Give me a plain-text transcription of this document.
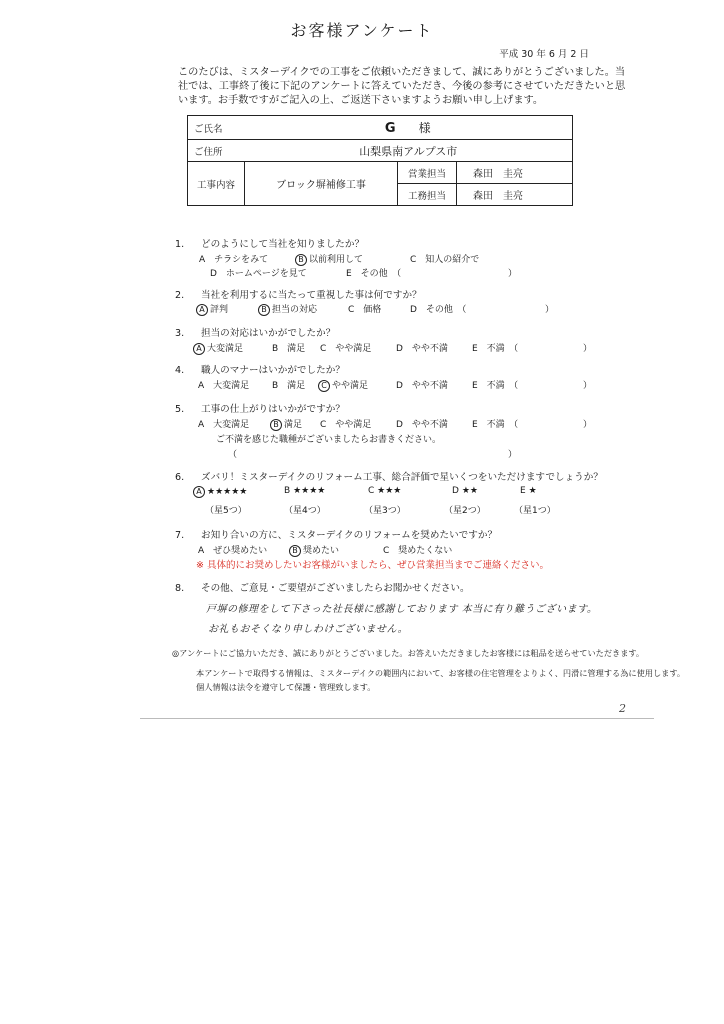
お客様アンケート
平成 30 年 6 月 2 日
このたびは、ミスターデイクでの工事をご依頼いただきまして、誠にありがとうございました。当社では、工事終了後に下記のアンケートに答えていただき、今後の参考にさせていただきたいと思います。お手数ですがご記入の上、ご返送下さいますようお願い申し上げます。
ご氏名	G 様		
ご住所	山梨県南アルプス市		
工事内容	ブロック塀補修工事	営業担当	森田　圭亮
		工務担当	森田　圭亮
1. どのようにして当社を知りましたか？
A　チラシをみて	B 以前利用して	C　知人の紹介で
D　ホームページを見て	E　その他　（	）
2. 当社を利用するに当たって重視した事は何ですか？
A 評判	B 担当の対応	C　価格	D　その他　（	）
3. 担当の対応はいかがでしたか？
A 大変満足	B　満足 C　やや満足	D　やや不満	E　不満　（	）
4. 職人のマナーはいかがでしたか？
A　大変満足	B　満足	C やや満足	D　やや不満	E　不満　（	）
5. 工事の仕上がりはいかがですか？
A　大変満足	B 満足 C　やや満足	D　やや不満	E　不満　（	）
ご不満を感じた職種がございましたらお書きください。
（	）
6. ズバリ！ミスターデイクのリフォーム工事、総合評価で星いくつをいただけますでしょうか？
A ★★★★★	B ★★★★	C ★★★	D ★★	E ★
（星5つ）	（星4つ）	（星3つ）	（星2つ）	（星1つ）
7. お知り合いの方に、ミスターデイクのリフォームを奨めたいですか？
A　ぜひ奨めたい	B 奨めたい	C　奨めたくない
※ 具体的にお奨めしたいお客様がいましたら、ぜひ営業担当までご連絡ください。
8. その他、ご意見・ご要望がございましたらお聞かせください。
戸塀の修理をして下さった社長様に感謝しております 本当に有り難うございます。
お礼もおそくなり申しわけございません。
◎アンケートにご協力いただき、誠にありがとうございました。お答えいただきましたお客様には粗品を送らせていただきます。
本アンケートで取得する情報は、ミスターデイクの範囲内において、お客様の住宅管理をよりよく、円滑に管理する為に使用します。
個人情報は法令を遵守して保護・管理致します。
2
